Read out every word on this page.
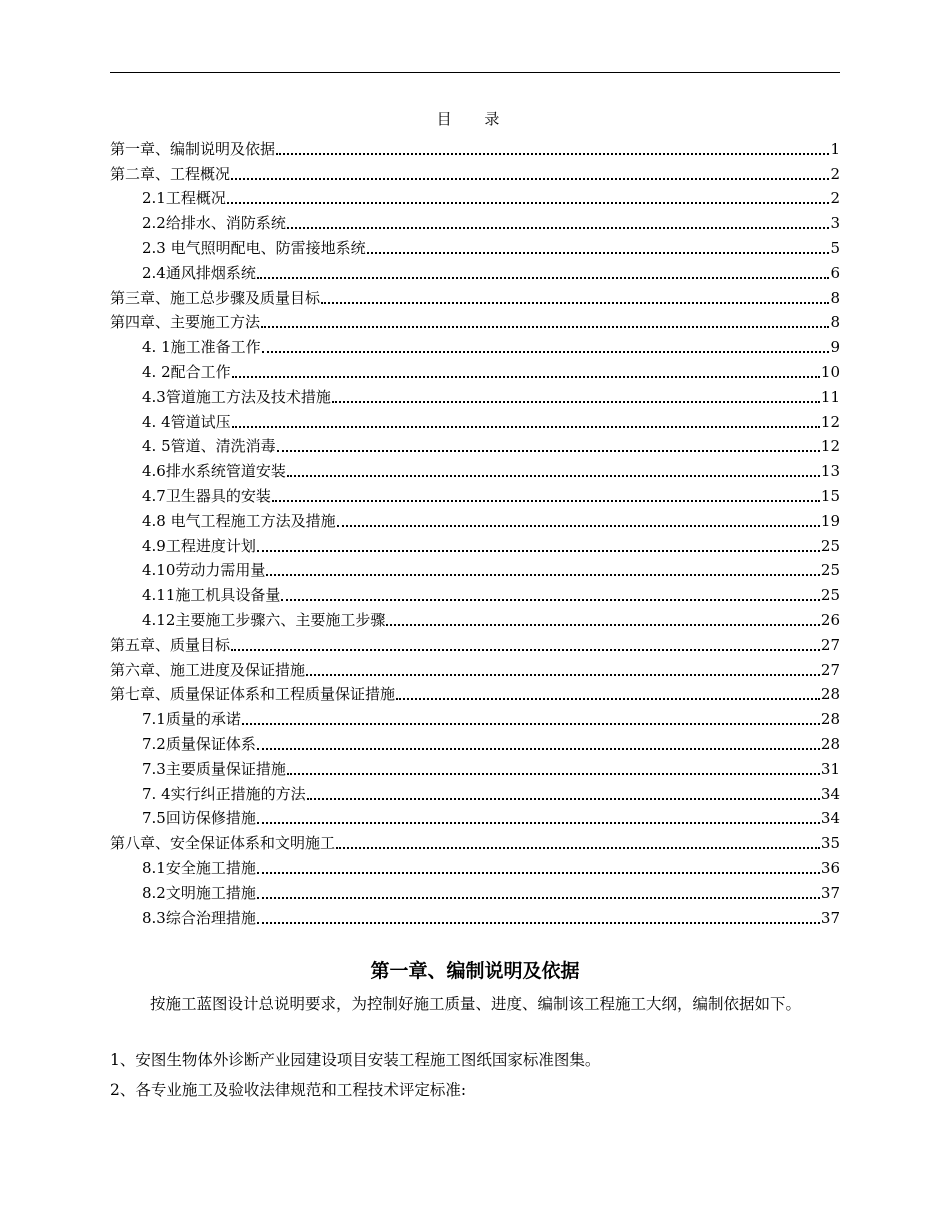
目 录
第一章、编制说明及依据	1
第二章、工程概况	2
2.1工程概况	2
2.2给排水、消防系统	3
2.3 电气照明配电、防雷接地系统	5
2.4通风排烟系统	6
第三章、施工总步骤及质量目标	8
第四章、主要施工方法	8
4. 1施工准备工作	9
4. 2配合工作	10
4.3管道施工方法及技术措施	11
4. 4管道试压	12
4. 5管道、清洗消毒	12
4.6排水系统管道安装	13
4.7卫生器具的安装	15
4.8 电气工程施工方法及措施	19
4.9工程进度计划	25
4.10劳动力需用量	25
4.11施工机具设备量	25
4.12主要施工步骤六、主要施工步骤	26
第五章、质量目标	27
第六章、施工进度及保证措施	27
第七章、质量保证体系和工程质量保证措施	28
7.1质量的承诺	28
7.2质量保证体系	28
7.3主要质量保证措施	31
7. 4实行纠正措施的方法	34
7.5回访保修措施	34
第八章、安全保证体系和文明施工	35
8.1安全施工措施	36
8.2文明施工措施	37
8.3综合治理措施	37
第一章、编制说明及依据

按施工蓝图设计总说明要求，为控制好施工质量、进度、编制该工程施工大纲，编制依据如下。

1、安图生物体外诊断产业园建设项目安装工程施工图纸国家标准图集。

2、各专业施工及验收法律规范和工程技术评定标准:
